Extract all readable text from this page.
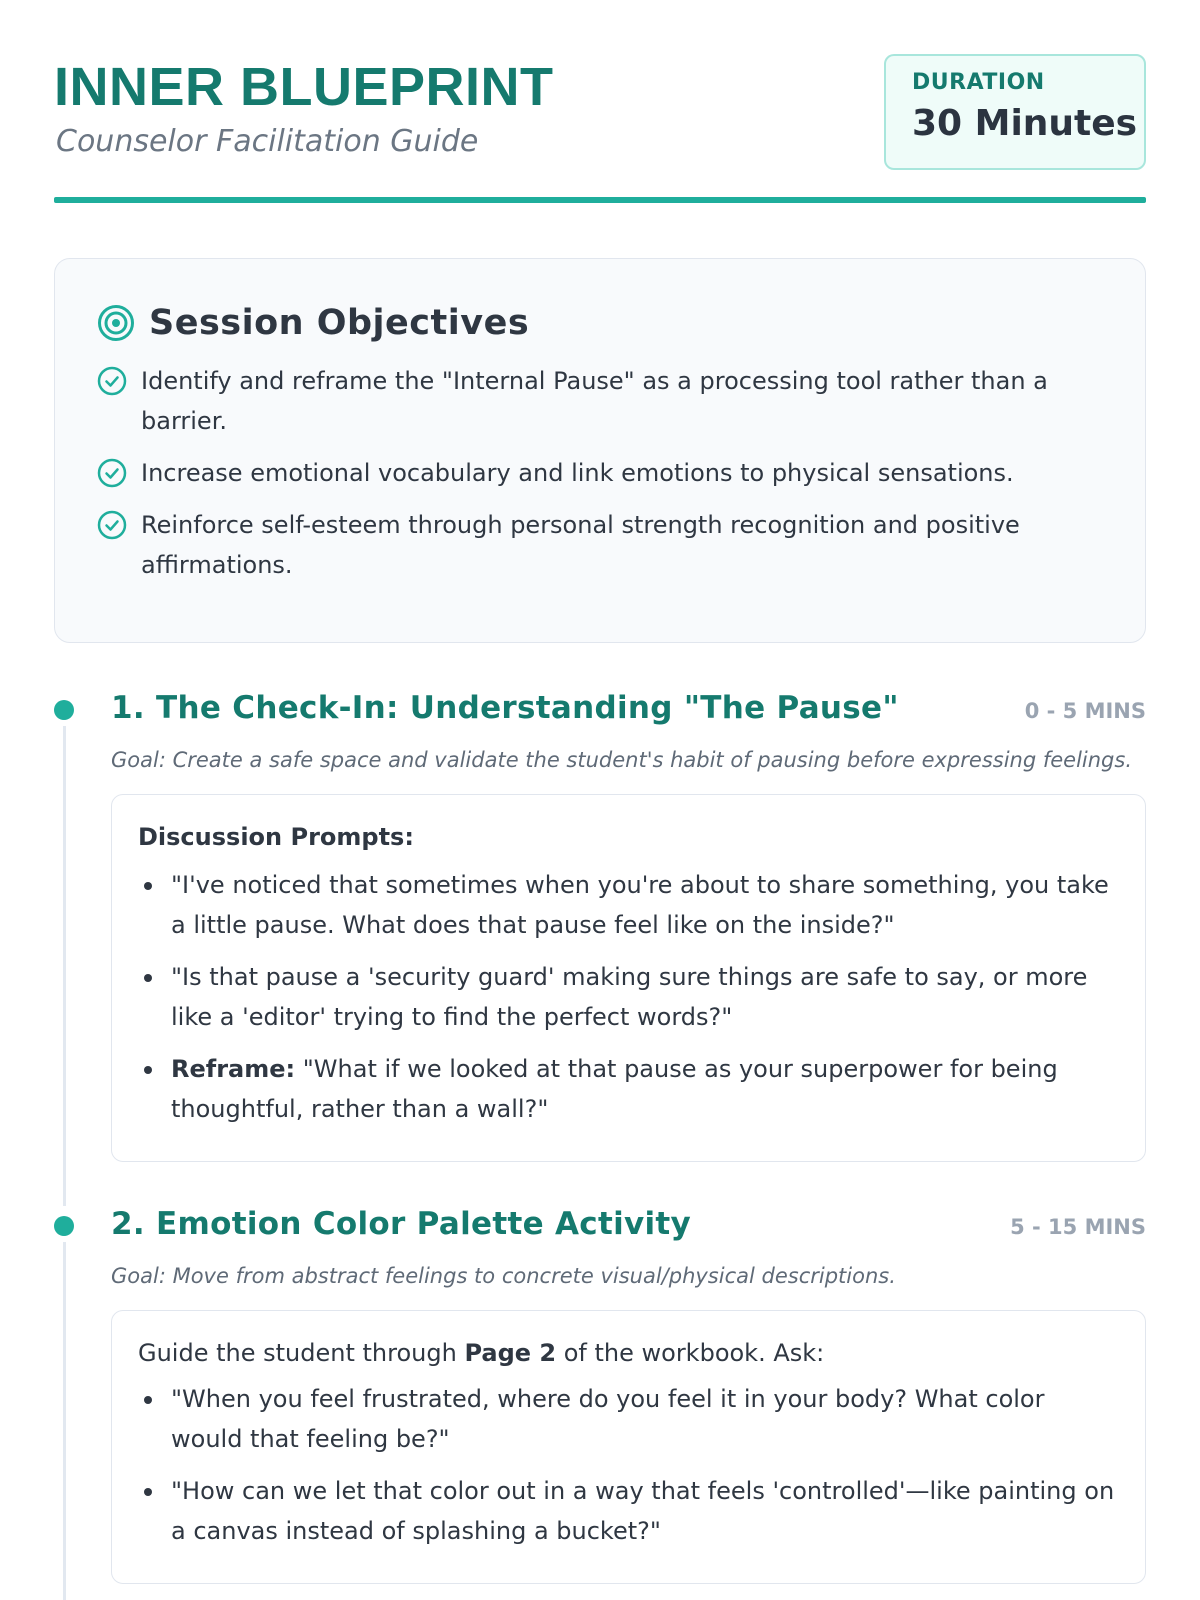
INNER BLUEPRINT
Counselor Facilitation Guide
DURATION
30 Minutes
Session Objectives
Identify and reframe the "Internal Pause" as a processing tool rather than a barrier.
Increase emotional vocabulary and link emotions to physical sensations.
Reinforce self-esteem through personal strength recognition and positive affirmations.
1. The Check-In: Understanding "The Pause"	0 - 5 MINS
Goal: Create a safe space and validate the student's habit of pausing before expressing feelings.
Discussion Prompts:
"I've noticed that sometimes when you're about to share something, you take a little pause. What does that pause feel like on the inside?"
"Is that pause a 'security guard' making sure things are safe to say, or more like a 'editor' trying to find the perfect words?"
Reframe: "What if we looked at that pause as your superpower for being thoughtful, rather than a wall?"
2. Emotion Color Palette Activity	5 - 15 MINS
Goal: Move from abstract feelings to concrete visual/physical descriptions.
Guide the student through Page 2 of the workbook. Ask:
"When you feel frustrated, where do you feel it in your body? What color would that feeling be?"
"How can we let that color out in a way that feels 'controlled'—like painting on a canvas instead of splashing a bucket?"
